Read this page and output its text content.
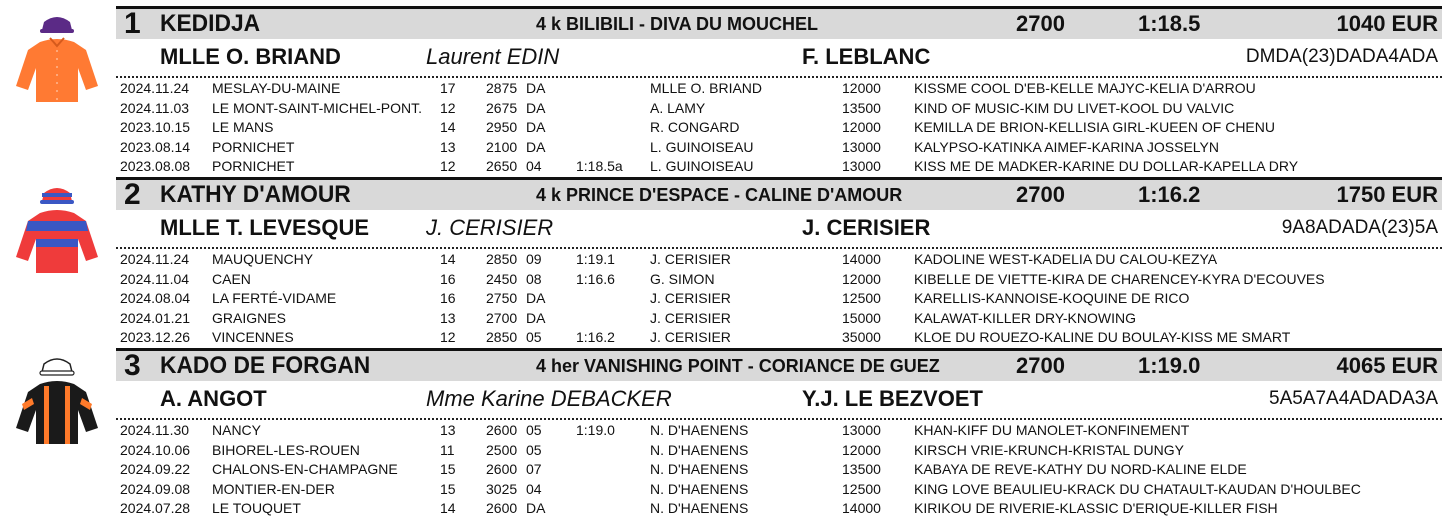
1 KEDIDJA	4 k BILIBILI - DIVA DU MOUCHEL	2700	1:18.5	1040 EUR
MLLE O. BRIAND	Laurent EDIN	F. LEBLANC	DMDA(23)DADA4ADA
2024.11.24 MESLAY-DU-MAINE	17 2875 DA	MLLE O. BRIAND	12000 KISSME COOL D'EB-KELLE MAJYC-KELIA D'ARROU
2024.11.03 LE MONT-SAINT-MICHEL-PONT. 12 2675 DA	A. LAMY	13500 KIND OF MUSIC-KIM DU LIVET-KOOL DU VALVIC
2023.10.15 LE MANS	14 2950 DA	R. CONGARD	12000 KEMILLA DE BRION-KELLISIA GIRL-KUEEN OF CHENU
2023.08.14 PORNICHET	13 2100 DA	L. GUINOISEAU	13000 KALYPSO-KATINKA AIMEF-KARINA JOSSELYN
2023.08.08 PORNICHET	12 2650 04 1:18.5a L. GUINOISEAU	13000 KISS ME DE MADKER-KARINE DU DOLLAR-KAPELLA DRY
2 KATHY D'AMOUR	4 k PRINCE D'ESPACE - CALINE D'AMOUR	2700	1:16.2	1750 EUR
MLLE T. LEVESQUE	J. CERISIER	J. CERISIER	9A8ADADA(23)5A
2024.11.24 MAUQUENCHY	14 2850 09 1:19.1	J. CERISIER	14000 KADOLINE WEST-KADELIA DU CALOU-KEZYA
2024.11.04 CAEN	16 2450 08 1:16.6	G. SIMON	12000 KIBELLE DE VIETTE-KIRA DE CHARENCEY-KYRA D'ECOUVES
2024.08.04 LA FERTÉ-VIDAME	16 2750 DA	J. CERISIER	12500 KARELLIS-KANNOISE-KOQUINE DE RICO
2024.01.21 GRAIGNES	13 2700 DA	J. CERISIER	15000 KALAWAT-KILLER DRY-KNOWING
2023.12.26 VINCENNES	12 2850 05 1:16.2	J. CERISIER	35000 KLOE DU ROUEZO-KALINE DU BOULAY-KISS ME SMART
3 KADO DE FORGAN	4 her VANISHING POINT - CORIANCE DE GUEZ	2700	1:19.0	4065 EUR
A. ANGOT	Mme Karine DEBACKER	Y.J. LE BEZVOET	5A5A7A4ADADA3A
2024.11.30 NANCY	13 2600 05 1:19.0	N. D'HAENENS	13000 KHAN-KIFF DU MANOLET-KONFINEMENT
2024.10.06 BIHOREL-LES-ROUEN	11 2500 05	N. D'HAENENS	12000 KIRSCH VRIE-KRUNCH-KRISTAL DUNGY
2024.09.22 CHALONS-EN-CHAMPAGNE	15 2600 07	N. D'HAENENS	13500 KABAYA DE REVE-KATHY DU NORD-KALINE ELDE
2024.09.08 MONTIER-EN-DER	15 3025 04	N. D'HAENENS	12500 KING LOVE BEAULIEU-KRACK DU CHATAULT-KAUDAN D'HOULBEC
2024.07.28 LE TOUQUET	14 2600 DA	N. D'HAENENS	14000 KIRIKOU DE RIVERIE-KLASSIC D'ERIQUE-KILLER FISH
